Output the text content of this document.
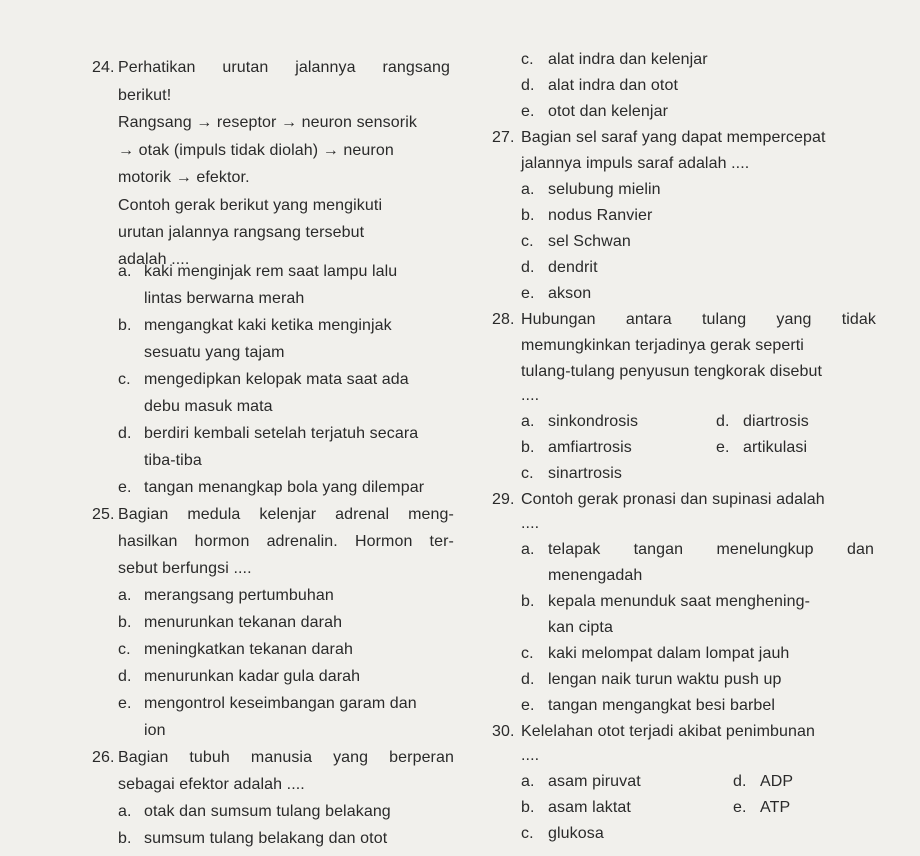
24. Perhatikan urutan jalannya rangsang
berikut!
Rangsang → reseptor → neuron sensorik
→ otak (impuls tidak diolah) → neuron
motorik → efektor.
Contoh gerak berikut yang mengikuti
urutan jalannya rangsang tersebut
adalah ....
a. kaki menginjak rem saat lampu lalu
lintas berwarna merah
b. mengangkat kaki ketika menginjak
sesuatu yang tajam
c. mengedipkan kelopak mata saat ada
debu masuk mata
d. berdiri kembali setelah terjatuh secara
tiba-tiba
e. tangan menangkap bola yang dilempar
25. Bagian medula kelenjar adrenal meng-
hasilkan hormon adrenalin. Hormon ter-
sebut berfungsi ....
a. merangsang pertumbuhan
b. menurunkan tekanan darah
c. meningkatkan tekanan darah
d. menurunkan kadar gula darah
e. mengontrol keseimbangan garam dan
ion
26. Bagian tubuh manusia yang berperan
sebagai efektor adalah ....
a. otak dan sumsum tulang belakang
b. sumsum tulang belakang dan otot
c. alat indra dan kelenjar
d. alat indra dan otot
e. otot dan kelenjar
27. Bagian sel saraf yang dapat mempercepat
jalannya impuls saraf adalah ....
a. selubung mielin
b. nodus Ranvier
c. sel Schwan
d. dendrit
e. akson
28. Hubungan antara tulang yang tidak
memungkinkan terjadinya gerak seperti
tulang-tulang penyusun tengkorak disebut
....
a. sinkondrosis	d. diartrosis
b. amfiartrosis	e. artikulasi
c. sinartrosis
29. Contoh gerak pronasi dan supinasi adalah
....
a. telapak tangan menelungkup dan
menengadah
b. kepala menunduk saat menghening-
kan cipta
c. kaki melompat dalam lompat jauh
d. lengan naik turun waktu push up
e. tangan mengangkat besi barbel
30. Kelelahan otot terjadi akibat penimbunan
....
a. asam piruvat	d. ADP
b. asam laktat	e. ATP
c. glukosa
